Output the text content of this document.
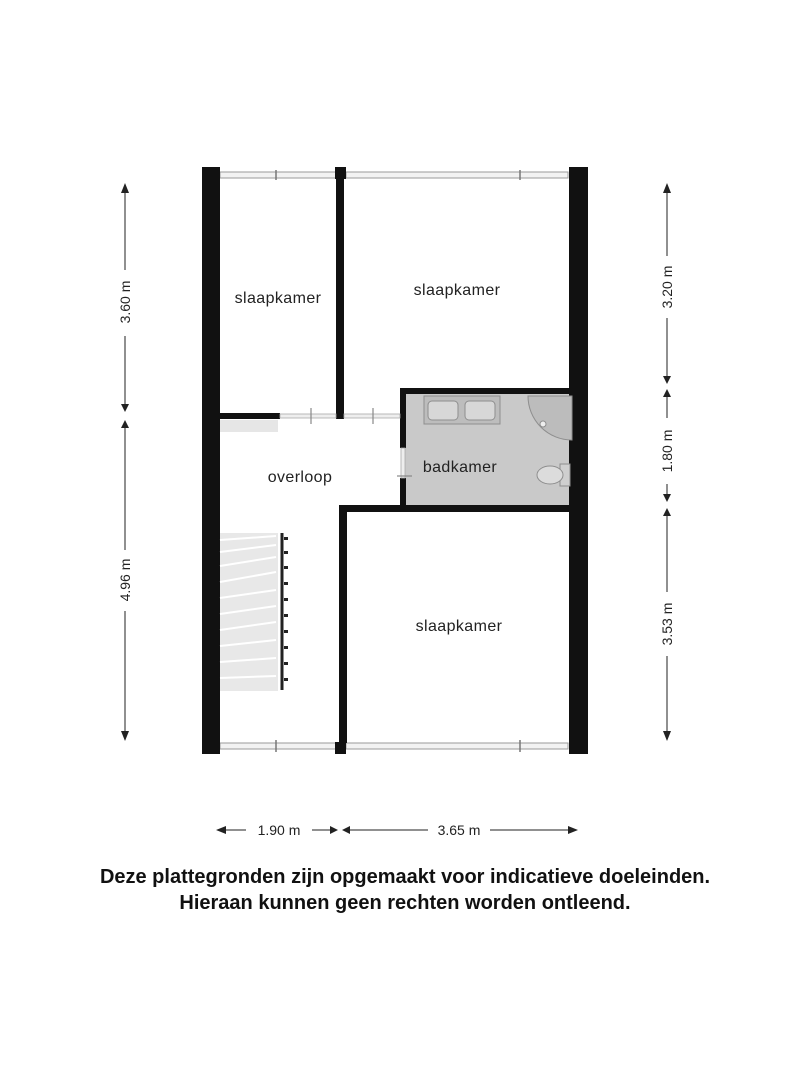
slaapkamer	slaapkamer
overloop
badkamer
slaapkamer
3.60 m
4.96 m
3.20 m
1.80 m
3.53 m
1.90 m	3.65 m
Deze plattegronden zijn opgemaakt voor indicatieve doeleinden.
Hieraan kunnen geen rechten worden ontleend.
